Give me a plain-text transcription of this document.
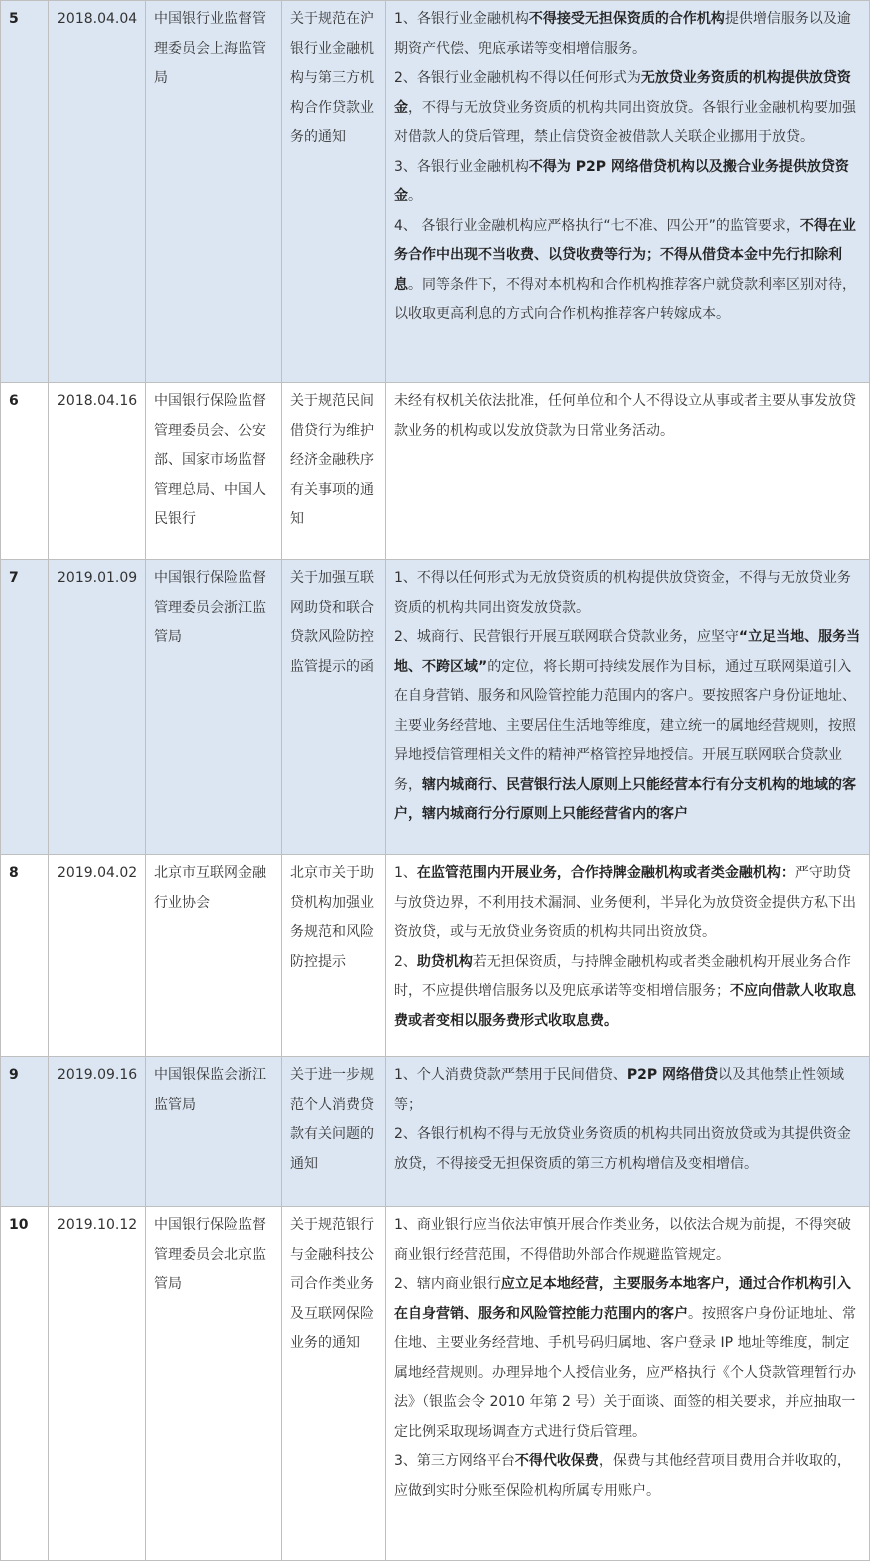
5	2018.04.04	中国银行业监督管理委员会上海监管局	关于规范在沪银行业金融机构与第三方机构合作贷款业务的通知	1、各银行业金融机构不得接受无担保资质的合作机构提供增信服务以及逾期资产代偿、兜底承诺等变相增信服务。
2、各银行业金融机构不得以任何形式为无放贷业务资质的机构提供放贷资金，不得与无放贷业务资质的机构共同出资放贷。各银行业金融机构要加强对借款人的贷后管理，禁止信贷资金被借款人关联企业挪用于放贷。
3、各银行业金融机构不得为 P2P 网络借贷机构以及搬合业务提供放贷资金。
4、 各银行业金融机构应严格执行“七不准、四公开”的监管要求，不得在业务合作中出现不当收费、以贷收费等行为；不得从借贷本金中先行扣除利息。同等条件下，不得对本机构和合作机构推荐客户就贷款利率区别对待，以收取更高利息的方式向合作机构推荐客户转嫁成本。

6	2018.04.16	中国银行保险监督管理委员会、公安部、国家市场监督管理总局、中国人民银行	关于规范民间借贷行为维护经济金融秩序有关事项的通知	未经有权机关依法批准，任何单位和个人不得设立从事或者主要从事发放贷款业务的机构或以发放贷款为日常业务活动。

7	2019.01.09	中国银行保险监督管理委员会浙江监管局	关于加强互联网助贷和联合贷款风险防控监管提示的函	1、不得以任何形式为无放贷资质的机构提供放贷资金，不得与无放贷业务资质的机构共同出资发放贷款。
2、城商行、民营银行开展互联网联合贷款业务，应坚守“立足当地、服务当地、不跨区域”的定位，将长期可持续发展作为目标，通过互联网渠道引入在自身营销、服务和风险管控能力范围内的客户。要按照客户身份证地址、主要业务经营地、主要居住生活地等维度，建立统一的属地经营规则，按照异地授信管理相关文件的精神严格管控异地授信。开展互联网联合贷款业务，辖内城商行、民营银行法人原则上只能经营本行有分支机构的地域的客户，辖内城商行分行原则上只能经营省内的客户

8	2019.04.02	北京市互联网金融行业协会	北京市关于助贷机构加强业务规范和风险防控提示	1、在监管范围内开展业务，合作持牌金融机构或者类金融机构：严守助贷与放贷边界，不利用技术漏洞、业务便利，半异化为放贷资金提供方私下出资放贷，或与无放贷业务资质的机构共同出资放贷。
2、助贷机构若无担保资质，与持牌金融机构或者类金融机构开展业务合作时，不应提供增信服务以及兜底承诺等变相增信服务；不应向借款人收取息费或者变相以服务费形式收取息费。

9	2019.09.16	中国银保监会浙江监管局	关于进一步规范个人消费贷款有关问题的通知	1、个人消费贷款严禁用于民间借贷、P2P 网络借贷以及其他禁止性领域等；
2、各银行机构不得与无放贷业务资质的机构共同出资放贷或为其提供资金放贷，不得接受无担保资质的第三方机构增信及变相增信。

10	2019.10.12	中国银行保险监督管理委员会北京监管局	关于规范银行与金融科技公司合作类业务及互联网保险业务的通知	1、商业银行应当依法审慎开展合作类业务，以依法合规为前提，不得突破商业银行经营范围，不得借助外部合作规避监管规定。
2、辖内商业银行应立足本地经营，主要服务本地客户，通过合作机构引入在自身营销、服务和风险管控能力范围内的客户。按照客户身份证地址、常住地、主要业务经营地、手机号码归属地、客户登录 IP 地址等维度，制定属地经营规则。办理异地个人授信业务，应严格执行《个人贷款管理暂行办法》（银监会令 2010 年第 2 号）关于面谈、面签的相关要求，并应抽取一定比例采取现场调查方式进行贷后管理。
3、第三方网络平台不得代收保费，保费与其他经营项目费用合并收取的，应做到实时分账至保险机构所属专用账户。
